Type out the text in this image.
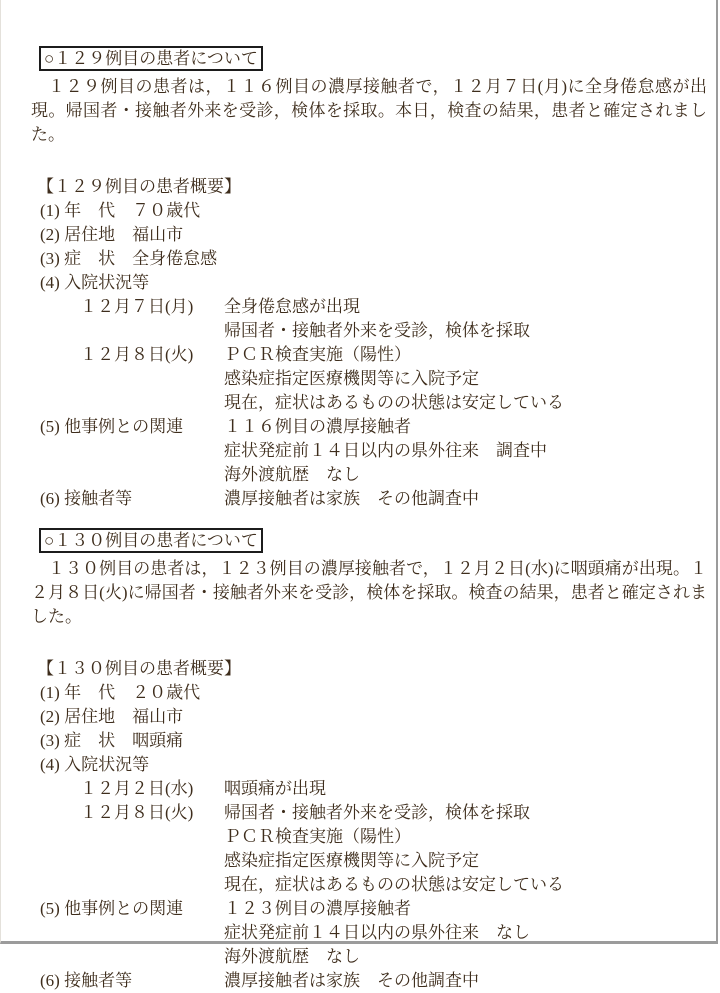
○１２９例目の患者について

１２９例目の患者は，１１６例目の濃厚接触者で，１２月７日(月)に全身倦怠感が出現。帰国者・接触者外来を受診，検体を採取。本日，検査の結果，患者と確定されました。

【１２９例目の患者概要】
(1) 年　代　７０歳代
(2) 居住地　福山市
(3) 症　状　全身倦怠感
(4) 入院状況等
１２月７日(月)	全身倦怠感が出現
帰国者・接触者外来を受診，検体を採取
１２月８日(火)	ＰＣＲ検査実施（陽性）
感染症指定医療機関等に入院予定
現在，症状はあるものの状態は安定している
(5) 他事例との関連	１１６例目の濃厚接触者
症状発症前１４日以内の県外往来　調査中
海外渡航歴　なし
(6) 接触者等	濃厚接触者は家族　その他調査中
○１３０例目の患者について

１３０例目の患者は，１２３例目の濃厚接触者で，１２月２日(水)に咽頭痛が出現。１２月８日(火)に帰国者・接触者外来を受診，検体を採取。検査の結果，患者と確定されました。

【１３０例目の患者概要】
(1) 年　代　２０歳代
(2) 居住地　福山市
(3) 症　状　咽頭痛
(4) 入院状況等
１２月２日(水)	咽頭痛が出現
１２月８日(火)	帰国者・接触者外来を受診，検体を採取
ＰＣＲ検査実施（陽性）
感染症指定医療機関等に入院予定
現在，症状はあるものの状態は安定している
(5) 他事例との関連	１２３例目の濃厚接触者
症状発症前１４日以内の県外往来　なし
海外渡航歴　なし
(6) 接触者等	濃厚接触者は家族　その他調査中
